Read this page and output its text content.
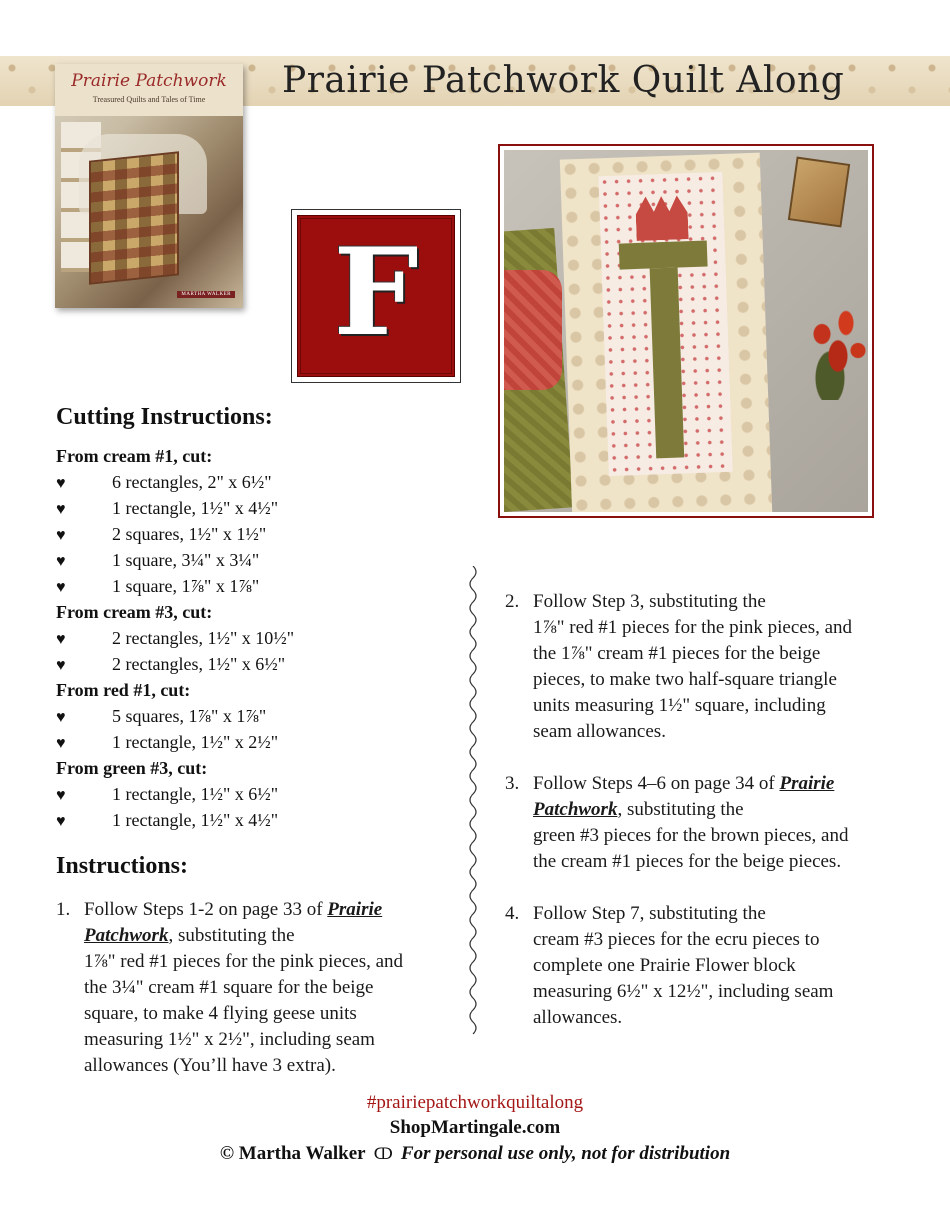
Prairie Patchwork Quilt Along
Prairie Patchwork
Treasured Quilts and Tales of Time
MARTHA WALKER F
Cutting Instructions:
From cream #1, cut:
♥	6 rectangles, 2" x 6½"
♥	1 rectangle, 1½" x 4½"
♥	2 squares, 1½" x 1½"
♥	1 square, 3¼" x 3¼"
♥	1 square, 1⅞" x 1⅞"
From cream #3, cut:
♥	2 rectangles, 1½" x 10½"
♥	2 rectangles, 1½" x 6½"
From red #1, cut:
♥	5 squares, 1⅞" x 1⅞"
♥	1 rectangle, 1½" x 2½"
From green #3, cut:
♥	1 rectangle, 1½" x 6½"
♥	1 rectangle, 1½" x 4½"
Instructions:
1. Follow Steps 1-2 on page 33 of Prairie
Patchwork, substituting the
1⅞" red #1 pieces for the pink pieces, and
the 3¼" cream #1 square for the beige
square, to make 4 flying geese units
measuring 1½" x 2½", including seam
allowances (You’ll have 3 extra).
2. Follow Step 3, substituting the
1⅞" red #1 pieces for the pink pieces, and
the 1⅞" cream #1 pieces for the beige
pieces, to make two half-square triangle
units measuring 1½" square, including
seam allowances.
3. Follow Steps 4–6 on page 34 of Prairie
Patchwork, substituting the
green #3 pieces for the brown pieces, and
the cream #1 pieces for the beige pieces.
4. Follow Step 7, substituting the
cream #3 pieces for the ecru pieces to
complete one Prairie Flower block
measuring 6½" x 12½", including seam
allowances.
#prairiepatchworkquiltalong
ShopMartingale.com
© Martha Walker ↀ For personal use only, not for distribution
